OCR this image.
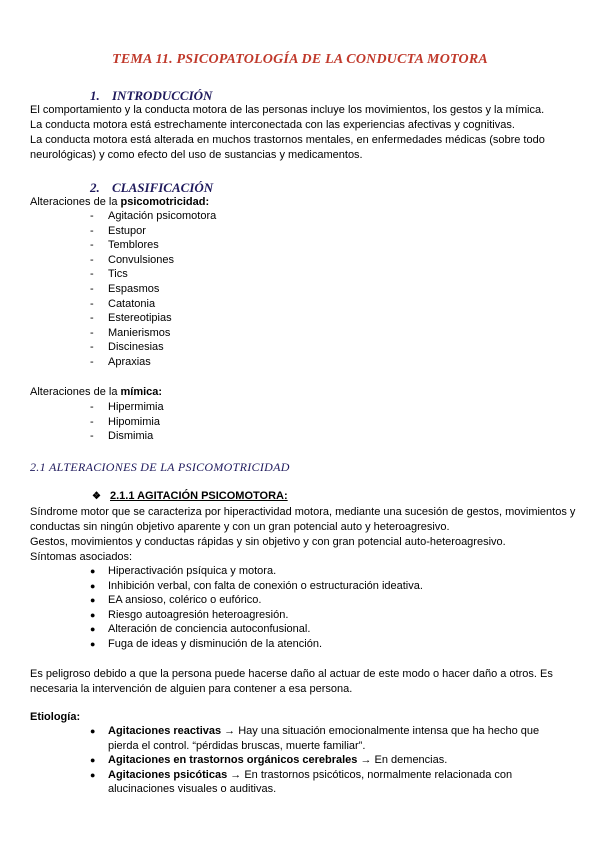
TEMA 11. PSICOPATOLOGÍA DE LA CONDUCTA MOTORA
1. INTRODUCCIÓN

El comportamiento y la conducta motora de las personas incluye los movimientos, los gestos y la mímica.

La conducta motora está estrechamente interconectada con las experiencias afectivas y cognitivas.

La conducta motora está alterada en muchos trastornos mentales, en enfermedades médicas (sobre todo neurológicas) y como efecto del uso de sustancias y medicamentos.

2. CLASIFICACIÓN
Alteraciones de la psicomotricidad:
- Agitación psicomotora
- Estupor
- Temblores
- Convulsiones
- Tics
- Espasmos
- Catatonia
- Estereotipias
- Manierismos
- Discinesias
- Apraxias
Alteraciones de la mímica:
- Hipermimia
- Hipomimia
- Dismimia
2.1 ALTERACIONES DE LA PSICOMOTRICIDAD
❖ 2.1.1 AGITACIÓN PSICOMOTORA:

Síndrome motor que se caracteriza por hiperactividad motora, mediante una sucesión de gestos, movimientos y conductas sin ningún objetivo aparente y con un gran potencial auto y heteroagresivo.

Gestos, movimientos y conductas rápidas y sin objetivo y con gran potencial auto-heteroagresivo.

Síntomas asociados:

● Hiperactivación psíquica y motora.
● Inhibición verbal, con falta de conexión o estructuración ideativa.
● EA ansioso, colérico o eufórico.
● Riesgo autoagresión heteroagresión.
● Alteración de conciencia autoconfusional.
● Fuga de ideas y disminución de la atención.

Es peligroso debido a que la persona puede hacerse daño al actuar de este modo o hacer daño a otros. Es necesaria la intervención de alguien para contener a esa persona.

Etiología:
● Agitaciones reactivas → Hay una situación emocionalmente intensa que ha hecho que pierda el control. “pérdidas bruscas, muerte familiar”.
● Agitaciones en trastornos orgánicos cerebrales → En demencias.
● Agitaciones psicóticas → En trastornos psicóticos, normalmente relacionada con alucinaciones visuales o auditivas.
